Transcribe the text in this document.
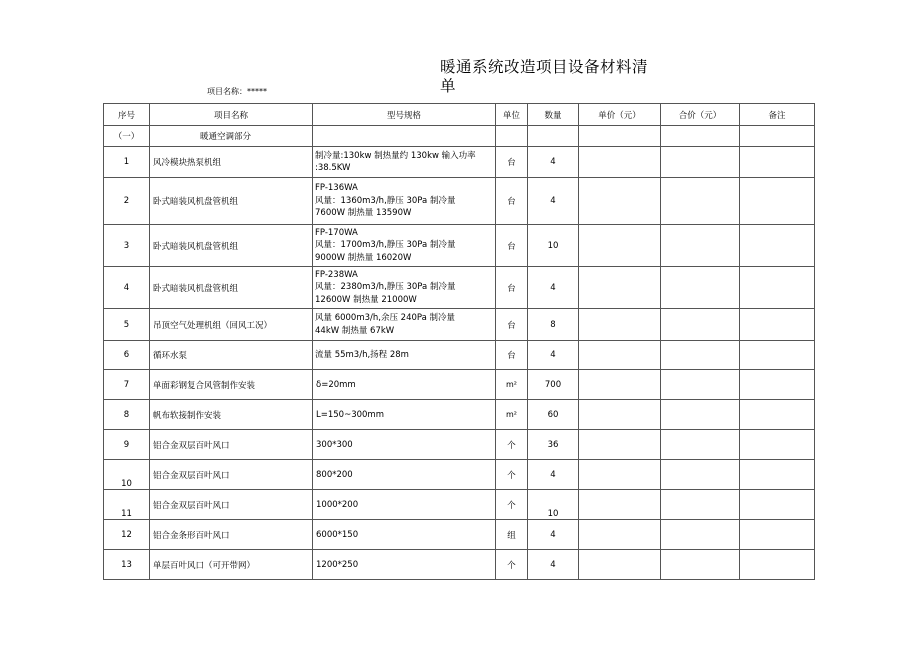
暖通系统改造项目设备材料清单
项目名称：*****
序号	项目名称	型号规格	单位	数量	单价（元）	合价（元）	备注
（一）	暖通空调部分						
1	风冷模块热泵机组	制冷量:130kw 制热量约 130kw 输入功率
:38.5KW	台	4			
2	卧式暗装风机盘管机组	FP-136WA
风量：1360m3/h,静压 30Pa 制冷量
7600W 制热量 13590W	台	4			
3	卧式暗装风机盘管机组	FP-170WA
风量：1700m3/h,静压 30Pa 制冷量
9000W 制热量 16020W	台	10			
4	卧式暗装风机盘管机组	FP-238WA
风量：2380m3/h,静压 30Pa 制冷量
12600W 制热量 21000W	台	4			
5	吊顶空气处理机组（回风工况）	风量 6000m3/h,余压 240Pa 制冷量
44kW 制热量 67kW	台	8			
6	循环水泵	流量 55m3/h,扬程 28m	台	4			
7	单面彩钢复合风管制作安装	δ=20mm	m²	700			
8	帆布软接制作安装	L=150~300mm	m²	60			
9	铝合金双层百叶风口	300*300	个	36			
10	铝合金双层百叶风口	800*200	个	4			
11	铝合金双层百叶风口	1000*200	个	10			
12	铝合金条形百叶风口	6000*150	组	4			
13	单层百叶风口（可开带网）	1200*250	个	4			
